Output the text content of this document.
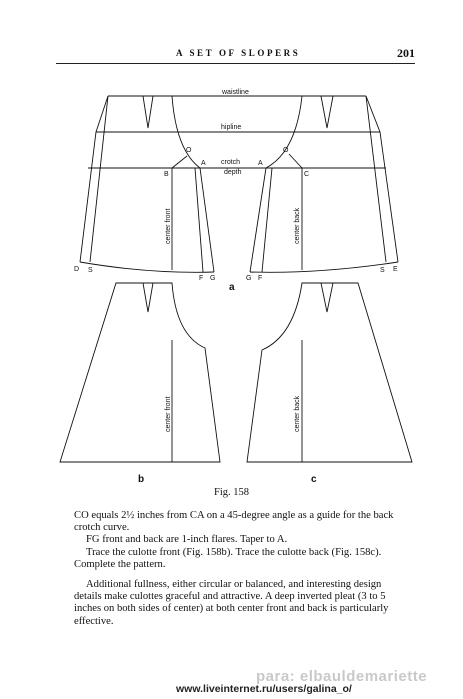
A SET OF SLOPERS	201
waistline
hipline
crotch
depth
O
A
B
O
A
C
D S
F G	G F
S E
center front	center back
a
center front
b
center back
c
Fig. 158

CO equals 2½ inches from CA on a 45-degree angle as a guide for the back crotch curve.

FG front and back are 1-inch flares. Taper to A.

Trace the culotte front (Fig. 158b). Trace the culotte back (Fig. 158c). Complete the pattern.

Additional fullness, either circular or balanced, and interesting design details make culottes graceful and attractive. A deep inverted pleat (3 to 5 inches on both sides of center) at both center front and back is particularly effective.

para: elbauldemariette
www.liveinternet.ru/users/galina_o/
